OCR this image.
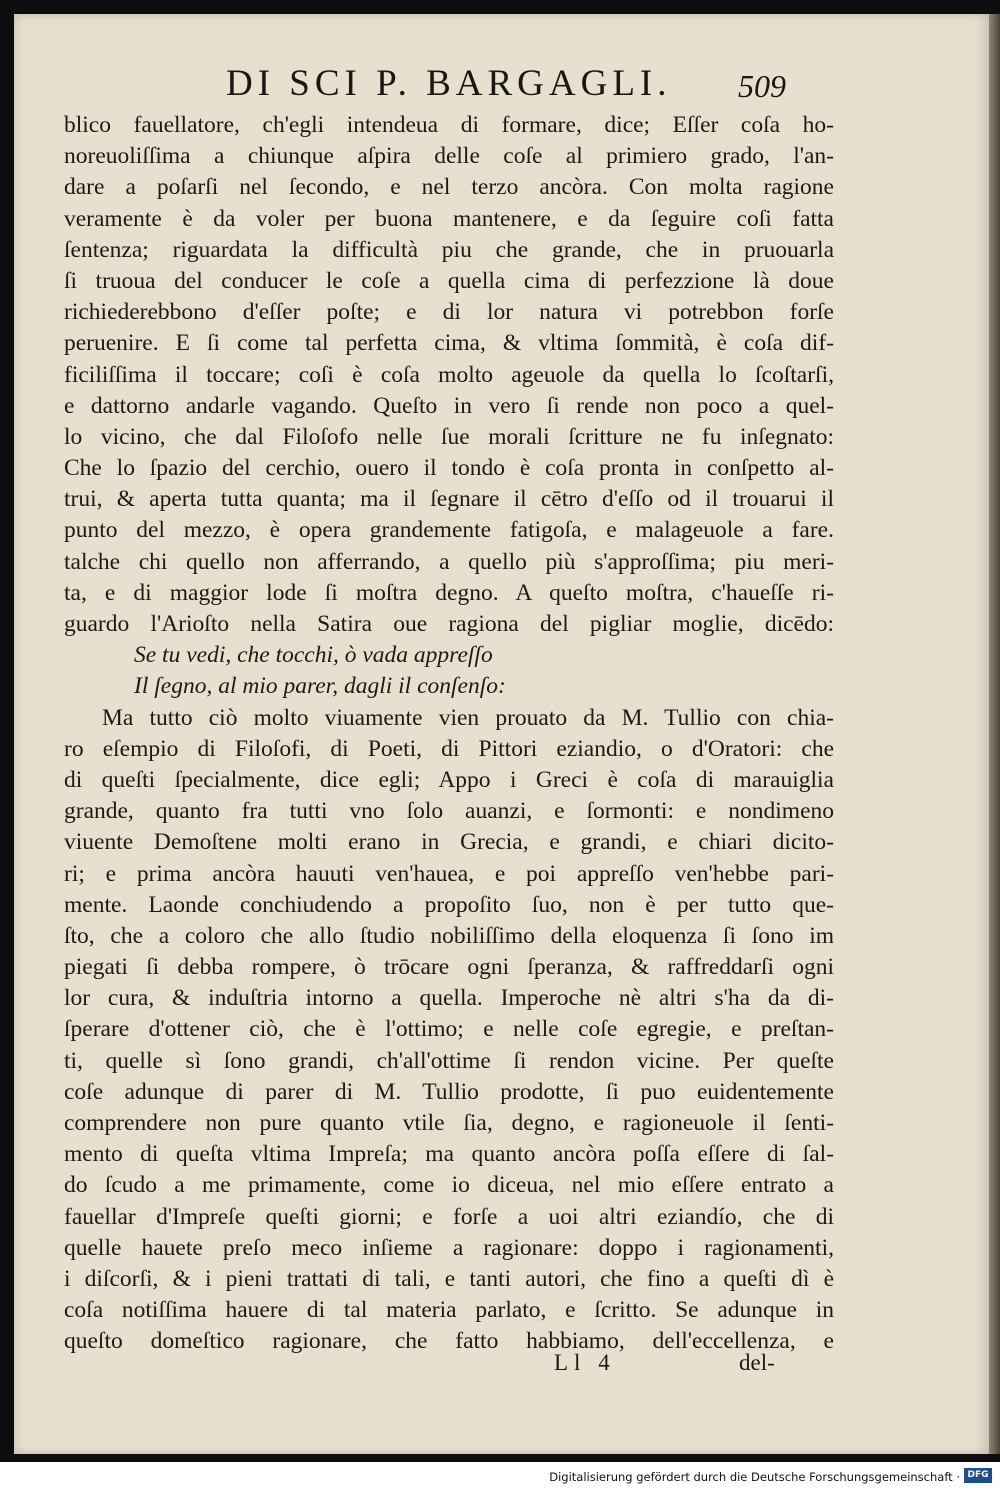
DI SCI P. BARGAGLI. 509
blico fauellatore, ch'egli intendeua di formare, dice; Eſſer coſa ho-
noreuoliſſima a chiunque aſpira delle coſe al primiero grado, l'an-
dare a poſarſi nel ſecondo, e nel terzo ancòra. Con molta ragione
veramente è da voler per buona mantenere, e da ſeguire coſi fatta
ſentenza; riguardata la difficultà piu che grande, che in pruouarla
ſi truoua del conducer le coſe a quella cima di perfezzione là doue
richiederebbono d'eſſer poſte; e di lor natura vi potrebbon forſe
peruenire. E ſi come tal perfetta cima, & vltima ſommità, è coſa dif-
ficiliſſima il toccare; coſi è coſa molto ageuole da quella lo ſcoſtarſi,
e dattorno andarle vagando. Queſto in vero ſi rende non poco a quel-
lo vicino, che dal Filoſofo nelle ſue morali ſcritture ne fu inſegnato:
Che lo ſpazio del cerchio, ouero il tondo è coſa pronta in conſpetto al-
trui, & aperta tutta quanta; ma il ſegnare il cētro d'eſſo od il trouarui il
punto del mezzo, è opera grandemente fatigoſa, e malageuole a fare.
talche chi quello non afferrando, a quello più s'approſſima; piu meri-
ta, e di maggior lode ſi moſtra degno. A queſto moſtra, c'haueſſe ri-
guardo l'Arioſto nella Satira oue ragiona del pigliar moglie, dicēdo:
Se tu vedi, che tocchi, ò vada appreſſo
Il ſegno, al mio parer, dagli il conſenſo:
Ma tutto ciò molto viuamente vien prouato da M. Tullio con chia-
ro eſempio di Filoſofi, di Poeti, di Pittori eziandio, o d'Oratori: che
di queſti ſpecialmente, dice egli; Appo i Greci è coſa di marauiglia
grande, quanto fra tutti vno ſolo auanzi, e ſormonti: e nondimeno
viuente Demoſtene molti erano in Grecia, e grandi, e chiari dicito-
ri; e prima ancòra hauuti ven'hauea, e poi appreſſo ven'hebbe pari-
mente. Laonde conchiudendo a propoſito ſuo, non è per tutto que-
ſto, che a coloro che allo ſtudio nobiliſſimo della eloquenza ſi ſono im
piegati ſi debba rompere, ò trōcare ogni ſperanza, & raffreddarſi ogni
lor cura, & induſtria intorno a quella. Imperoche nè altri s'ha da di-
ſperare d'ottener ciò, che è l'ottimo; e nelle coſe egregie, e preſtan-
ti, quelle sì ſono grandi, ch'all'ottime ſi rendon vicine. Per queſte
coſe adunque di parer di M. Tullio prodotte, ſi puo euidentemente
comprendere non pure quanto vtile ſia, degno, e ragioneuole il ſenti-
mento di queſta vltima Impreſa; ma quanto ancòra poſſa eſſere di ſal-
do ſcudo a me primamente, come io diceua, nel mio eſſere entrato a
fauellar d'Impreſe queſti giorni; e forſe a uoi altri eziandío, che di
quelle hauete preſo meco inſieme a ragionare: doppo i ragionamenti,
i diſcorſi, & i pieni trattati di tali, e tanti autori, che fino a queſti dì è
coſa notiſſima hauere di tal materia parlato, e ſcritto. Se adunque in
queſto domeſtico ragionare, che fatto habbiamo, dell'eccellenza, e
Ll 4	del-
Digitalisierung gefördert durch die Deutsche Forschungsgemeinschaft · DFG
